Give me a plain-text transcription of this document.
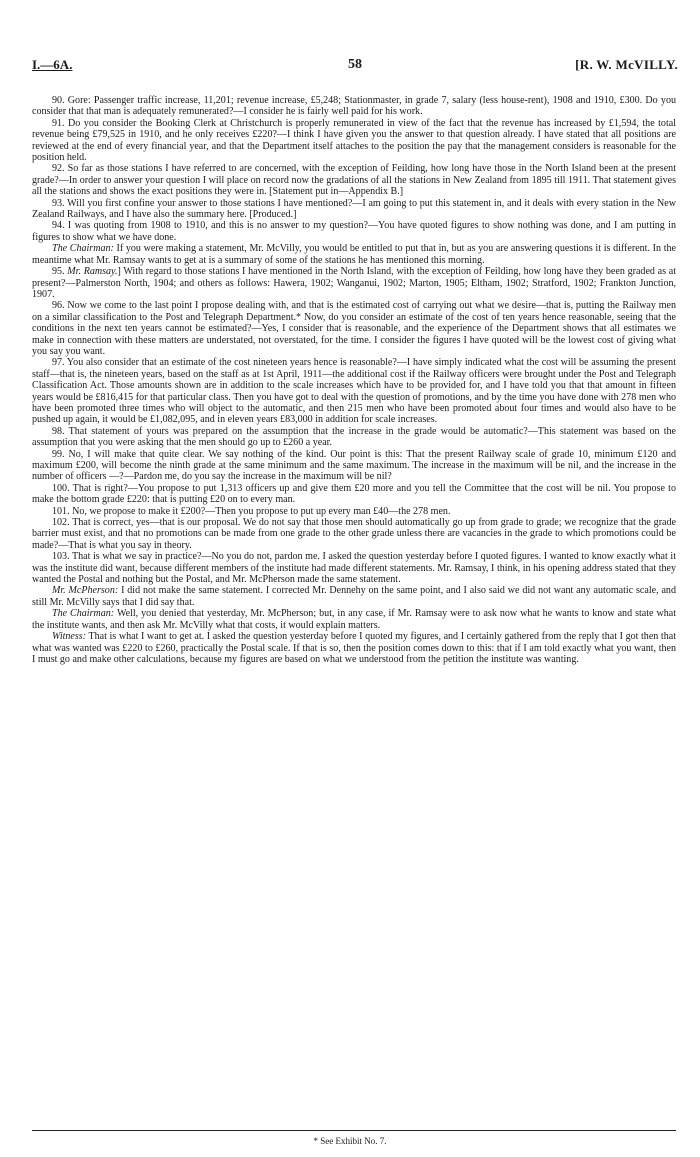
I.—6A.	58	[R. W. McVILLY.

90. Gore: Passenger traffic increase, 11,201; revenue increase, £5,248; Stationmaster, in grade 7, salary (less house-rent), 1908 and 1910, £300. Do you consider that that man is adequately remunerated?—I consider he is fairly well paid for his work.

91. Do you consider the Booking Clerk at Christchurch is properly remunerated in view of the fact that the revenue has increased by £1,594, the total revenue being £79,525 in 1910, and he only receives £220?—I think I have given you the answer to that question already. I have stated that all positions are reviewed at the end of every financial year, and that the Department itself attaches to the position the pay that the management considers is reasonable for the position held.

92. So far as those stations I have referred to are concerned, with the exception of Feilding, how long have those in the North Island been at the present grade?—In order to answer your question I will place on record now the gradations of all the stations in New Zealand from 1895 till 1911. That statement gives all the stations and shows the exact positions they were in. [Statement put in—Appendix B.]

93. Will you first confine your answer to those stations I have mentioned?—I am going to put this statement in, and it deals with every station in the New Zealand Railways, and I have also the summary here. [Produced.]

94. I was quoting from 1908 to 1910, and this is no answer to my question?—You have quoted figures to show nothing was done, and I am putting in figures to show what we have done.

The Chairman: If you were making a statement, Mr. McVilly, you would be entitled to put that in, but as you are answering questions it is different. In the meantime what Mr. Ramsay wants to get at is a summary of some of the stations he has mentioned this morning.

95. Mr. Ramsay.] With regard to those stations I have mentioned in the North Island, with the exception of Feilding, how long have they been graded as at present?—Palmerston North, 1904; and others as follows: Hawera, 1902; Wanganui, 1902; Marton, 1905; Eltham, 1902; Stratford, 1902; Frankton Junction, 1907.

96. Now we come to the last point I propose dealing with, and that is the estimated cost of carrying out what we desire—that is, putting the Railway men on a similar classification to the Post and Telegraph Department.* Now, do you consider an estimate of the cost of ten years hence reasonable, seeing that the conditions in the next ten years cannot be estimated?—Yes, I consider that is reasonable, and the experience of the Department shows that all estimates we make in connection with these matters are understated, not overstated, for the time. I consider the figures I have quoted will be the lowest cost of giving what you say you want.

97. You also consider that an estimate of the cost nineteen years hence is reasonable?—I have simply indicated what the cost will be assuming the present staff—that is, the nineteen years, based on the staff as at 1st April, 1911—the additional cost if the Railway officers were brought under the Post and Telegraph Classification Act. Those amounts shown are in addition to the scale increases which have to be provided for, and I have told you that that amount in fifteen years would be £816,415 for that particular class. Then you have got to deal with the question of promotions, and by the time you have done with 278 men who have been promoted three times who will object to the automatic, and then 215 men who have been promoted about four times and would also have to be pushed up again, it would be £1,082,095, and in eleven years £83,000 in addition for scale increases.

98. That statement of yours was prepared on the assumption that the increase in the grade would be automatic?—This statement was based on the assumption that you were asking that the men should go up to £260 a year.

99. No, I will make that quite clear. We say nothing of the kind. Our point is this: That the present Railway scale of grade 10, minimum £120 and maximum £200, will become the ninth grade at the same minimum and the same maximum. The increase in the maximum will be nil, and the increase in the number of officers —?—Pardon me, do you say the increase in the maximum will be nil?

100. That is right?—You propose to put 1,313 officers up and give them £20 more and you tell the Committee that the cost will be nil. You propose to make the bottom grade £220: that is putting £20 on to every man.

101. No, we propose to make it £200?—Then you propose to put up every man £40—the 278 men.

102. That is correct, yes—that is our proposal. We do not say that those men should automatically go up from grade to grade; we recognize that the grade barrier must exist, and that no promotions can be made from one grade to the other grade unless there are vacancies in the grade to which promotions could be made?—That is what you say in theory.

103. That is what we say in practice?—No you do not, pardon me. I asked the question yesterday before I quoted figures. I wanted to know exactly what it was the institute did want, because different members of the institute had made different statements. Mr. Ramsay, I think, in his opening address stated that they wanted the Postal and nothing but the Postal, and Mr. McPherson made the same statement.

Mr. McPherson: I did not make the same statement. I corrected Mr. Dennehy on the same point, and I also said we did not want any automatic scale, and still Mr. McVilly says that I did say that.

The Chairman: Well, you denied that yesterday, Mr. McPherson; but, in any case, if Mr. Ramsay were to ask now what he wants to know and state what the institute wants, and then ask Mr. McVilly what that costs, it would explain matters.

Witness: That is what I want to get at. I asked the question yesterday before I quoted my figures, and I certainly gathered from the reply that I got then that what was wanted was £220 to £260, practically the Postal scale. If that is so, then the position comes down to this: that if I am told exactly what you want, then I must go and make other calculations, because my figures are based on what we understood from the petition the institute was wanting.

* See Exhibit No. 7.
